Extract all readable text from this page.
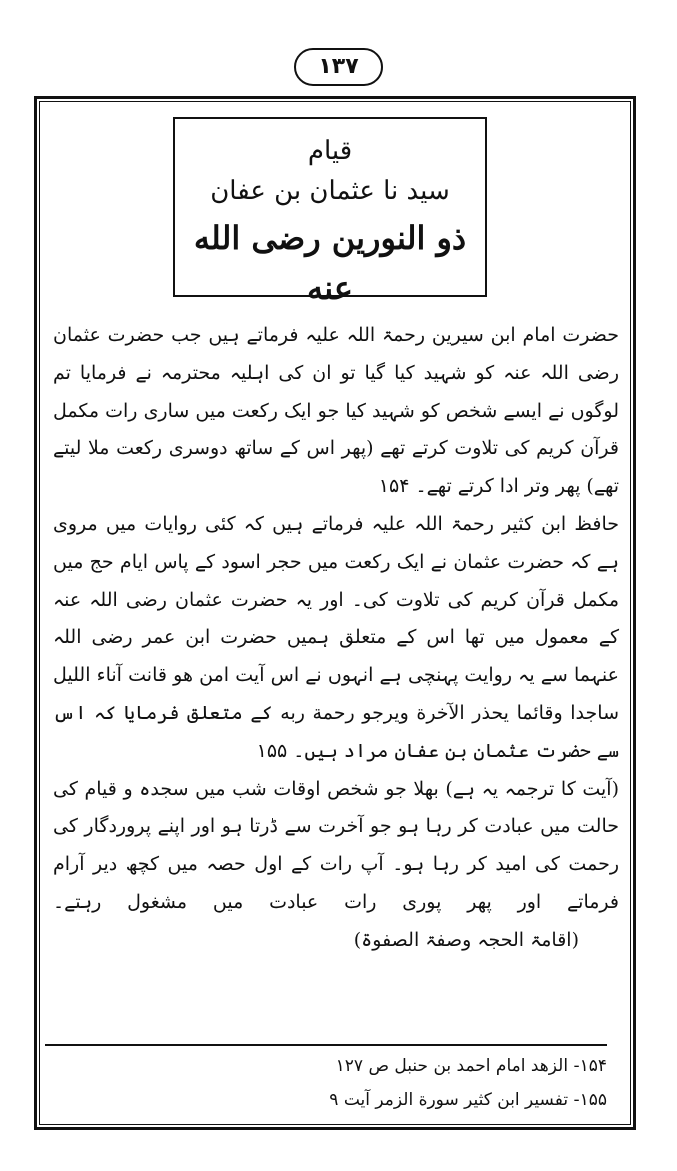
۱۳۷
قیام
سید نا عثمان بن عفان
ذو النورین رضی الله عنه

حضرت امام ابن سیرین رحمۃ اللہ علیہ فرماتے ہیں جب حضرت عثمان رضی اللہ عنہ کو شہید کیا گیا تو ان کی اہلیہ محترمہ نے فرمایا تم لوگوں نے ایسے شخص کو شہید کیا جو ایک رکعت میں ساری رات مکمل قرآن کریم کی تلاوت کرتے تھے (پھر اس کے ساتھ دوسری رکعت ملا لیتے تھے) پھر وتر ادا کرتے تھے۔ ۱۵۴

حافظ ابن کثیر رحمۃ اللہ علیہ فرماتے ہیں کہ کئی روایات میں مروی ہے کہ حضرت عثمان نے ایک رکعت میں حجر اسود کے پاس ایام حج میں مکمل قرآن کریم کی تلاوت کی۔ اور یہ حضرت عثمان رضی اللہ عنہ کے معمول میں تھا اس کے متعلق ہمیں حضرت ابن عمر رضی اللہ عنہما سے یہ روایت پہنچی ہے انہوں نے اس آیت امن هو قانت آناء الليل ساجدا وقائما يحذر الآخرة ويرجو رحمة ربه کے متعلق فرمایا کہ اس سے حضرت عثمان بن عفان مراد ہیں۔ ۱۵۵

(آیت کا ترجمہ یہ ہے) بھلا جو شخص اوقات شب میں سجدہ و قیام کی حالت میں عبادت کر رہا ہو جو آخرت سے ڈرتا ہو اور اپنے پروردگار کی رحمت کی امید کر رہا ہو۔ آپ رات کے اول حصہ میں کچھ دیر آرام فرماتے اور پھر پوری رات عبادت میں مشغول رہتے۔ (اقامۃ الحجہ وصفۃ الصفوۃ)

۱۵۴- الزهد امام احمد بن حنبل ص ۱۲۷
۱۵۵- تفسير ابن كثير سورة الزمر آيت ۹
